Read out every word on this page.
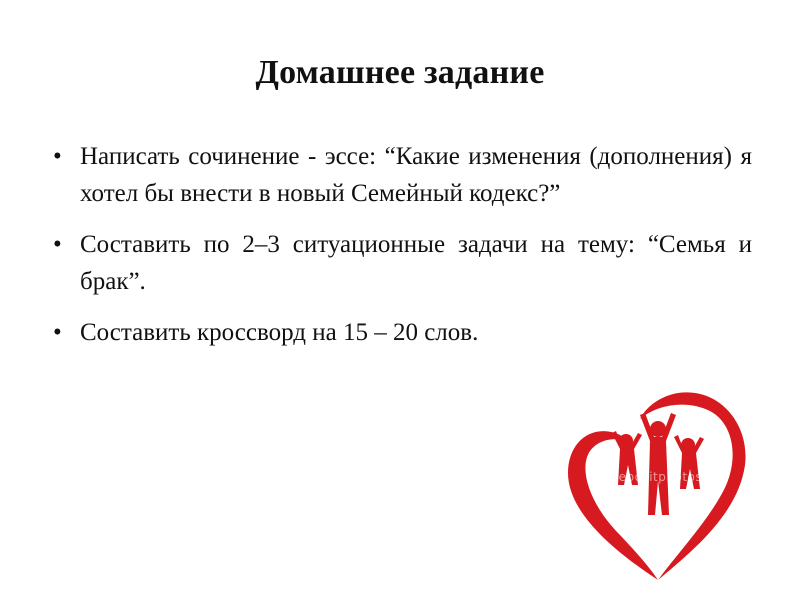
Домашнее задание
• Написать сочинение - эссе: “Какие изменения (дополнения) я хотел бы внести в новый Семейный кодекс?”
• Составить по 2–3 ситуационные задачи на тему: “Семья и брак”.
• Составить кроссворд на 15 – 20 слов.
©depositphotos
